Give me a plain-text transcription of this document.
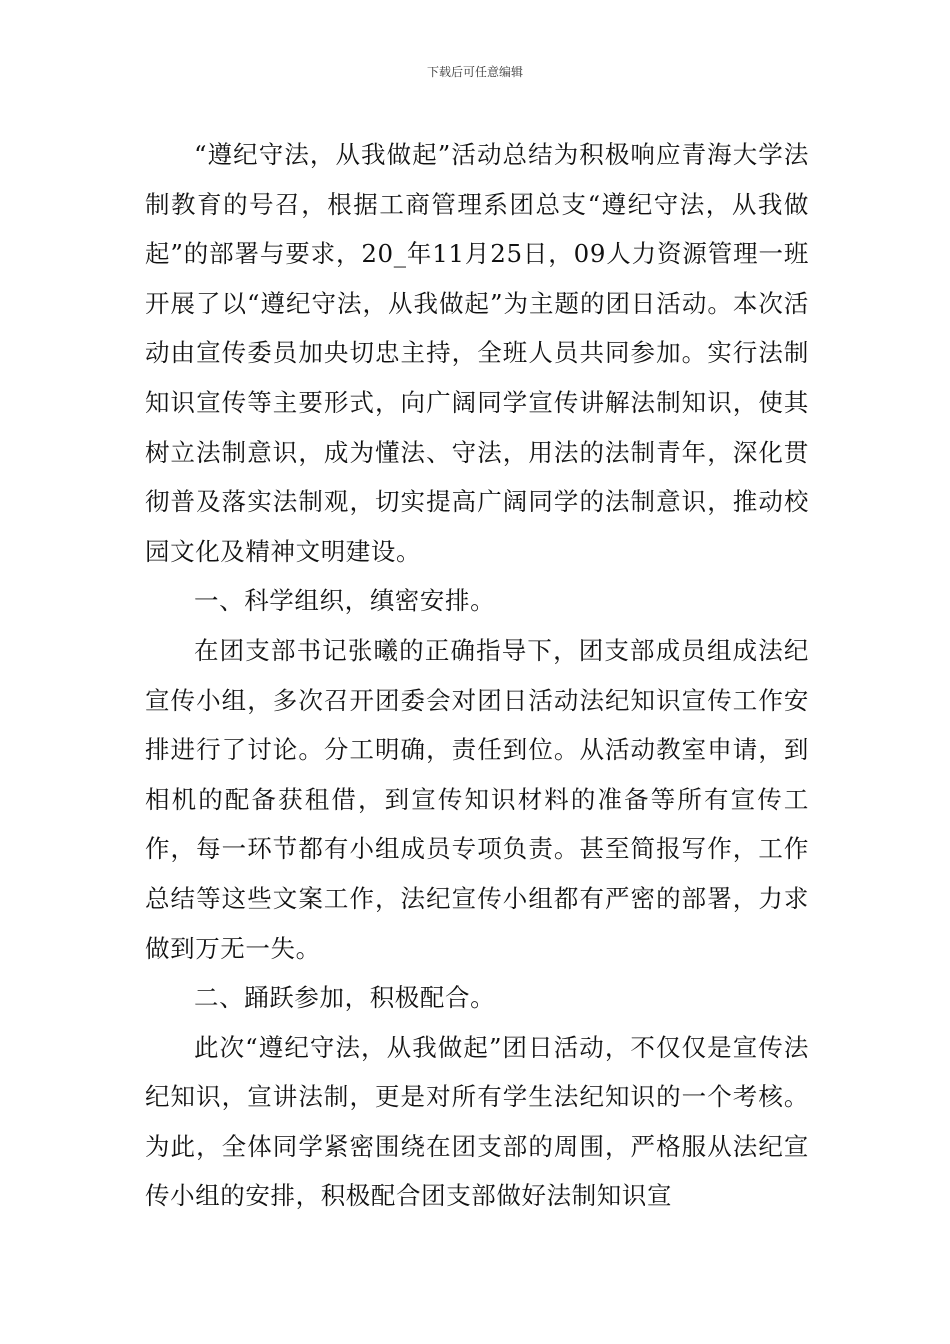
下载后可任意编辑

“遵纪守法，从我做起”活动总结为积极响应青海大学法制教育的号召，根据工商管理系团总支“遵纪守法，从我做起”的部署与要求，20_年11月25日，09人力资源管理一班开展了以“遵纪守法，从我做起”为主题的团日活动。本次活动由宣传委员加央切忠主持，全班人员共同参加。实行法制知识宣传等主要形式，向广阔同学宣传讲解法制知识，使其树立法制意识，成为懂法、守法，用法的法制青年，深化贯彻普及落实法制观，切实提高广阔同学的法制意识，推动校园文化及精神文明建设。

一、科学组织，缜密安排。

在团支部书记张曦的正确指导下，团支部成员组成法纪宣传小组，多次召开团委会对团日活动法纪知识宣传工作安排进行了讨论。分工明确，责任到位。从活动教室申请，到相机的配备获租借，到宣传知识材料的准备等所有宣传工作，每一环节都有小组成员专项负责。甚至简报写作，工作总结等这些文案工作，法纪宣传小组都有严密的部署，力求做到万无一失。

二、踊跃参加，积极配合。

此次“遵纪守法，从我做起”团日活动，不仅仅是宣传法纪知识，宣讲法制，更是对所有学生法纪知识的一个考核。为此，全体同学紧密围绕在团支部的周围，严格服从法纪宣传小组的安排，积极配合团支部做好法制知识宣
